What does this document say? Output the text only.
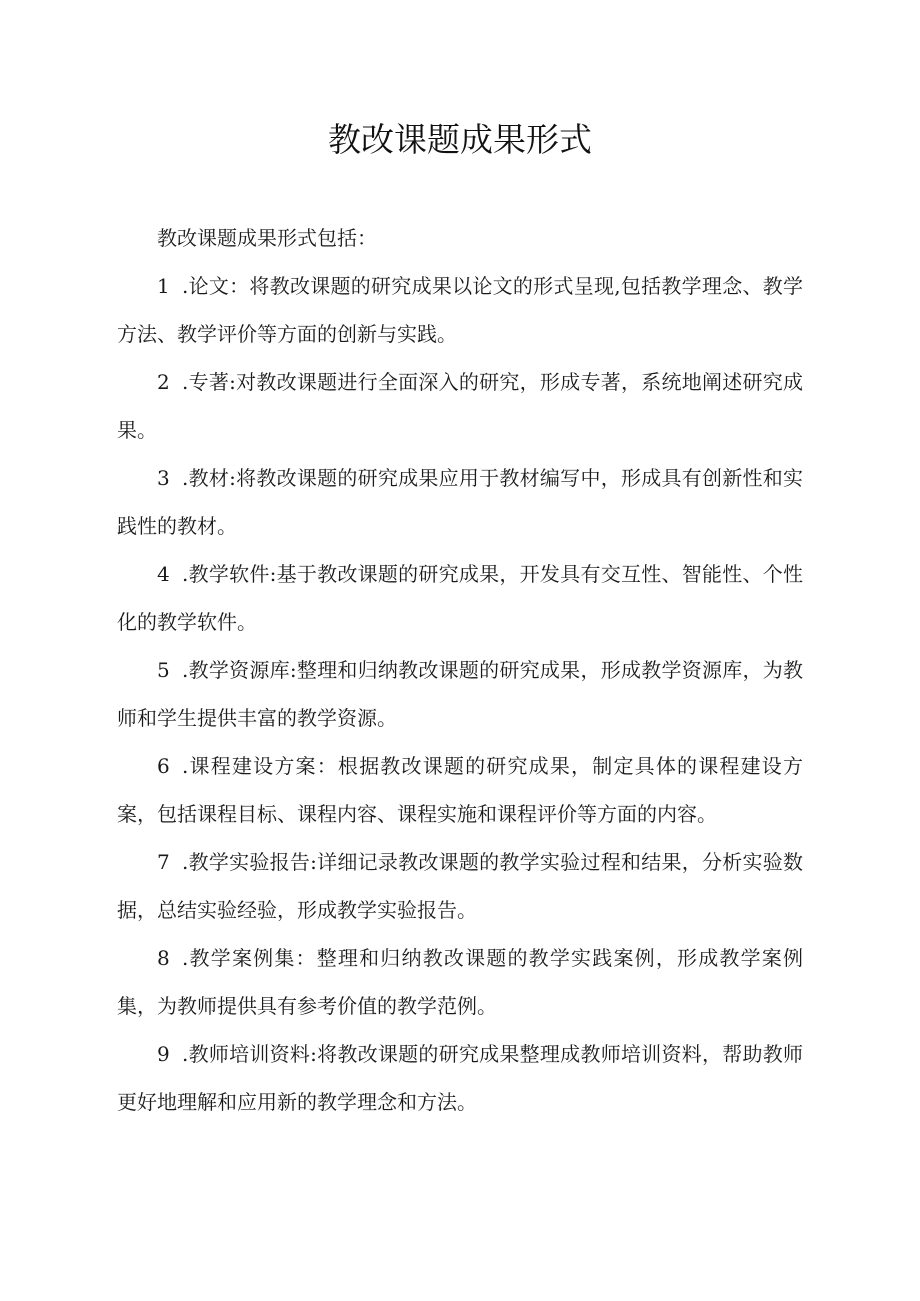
教改课题成果形式

教改课题成果形式包括：

1 .论文：将教改课题的研究成果以论文的形式呈现,包括教学理念、教学方法、教学评价等方面的创新与实践。

2 .专著:对教改课题进行全面深入的研究，形成专著，系统地阐述研究成果。

3 .教材:将教改课题的研究成果应用于教材编写中，形成具有创新性和实践性的教材。

4 .教学软件:基于教改课题的研究成果，开发具有交互性、智能性、个性化的教学软件。

5 .教学资源库:整理和归纳教改课题的研究成果，形成教学资源库，为教师和学生提供丰富的教学资源。

6 .课程建设方案：根据教改课题的研究成果，制定具体的课程建设方案，包括课程目标、课程内容、课程实施和课程评价等方面的内容。

7 .教学实验报告:详细记录教改课题的教学实验过程和结果，分析实验数据，总结实验经验，形成教学实验报告。

8 .教学案例集：整理和归纳教改课题的教学实践案例，形成教学案例集，为教师提供具有参考价值的教学范例。

9 .教师培训资料:将教改课题的研究成果整理成教师培训资料，帮助教师更好地理解和应用新的教学理念和方法。
